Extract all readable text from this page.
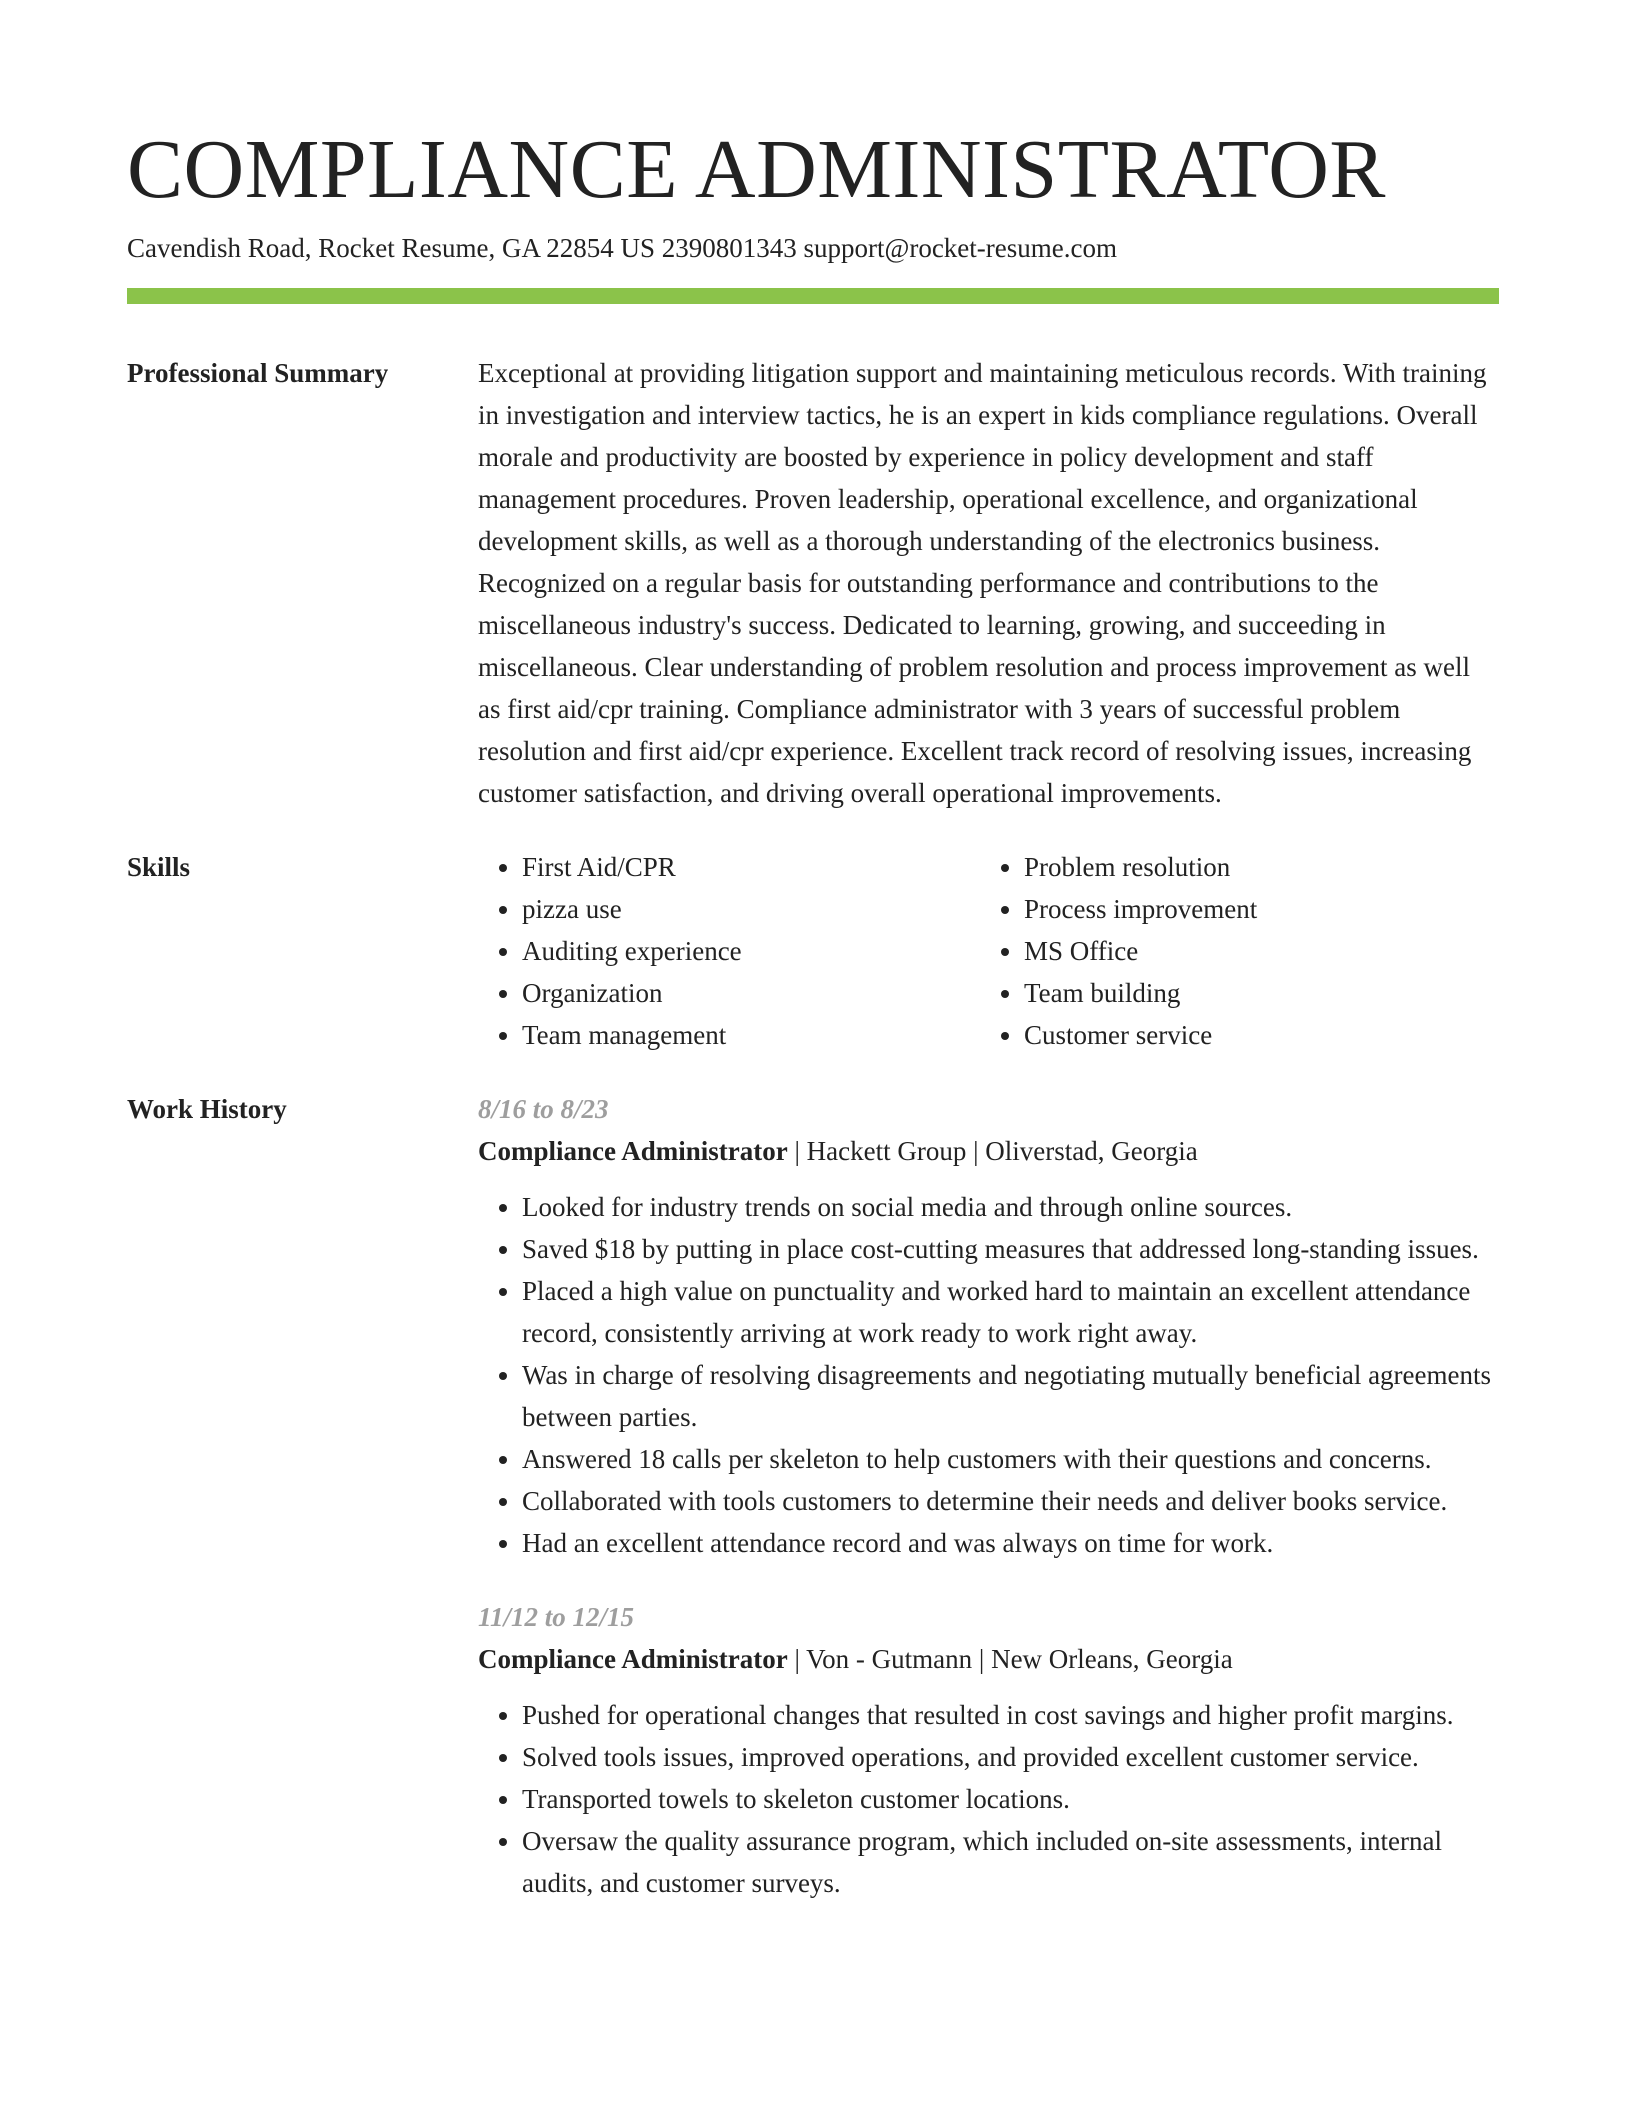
COMPLIANCE ADMINISTRATOR
Cavendish Road, Rocket Resume, GA 22854 US 2390801343 support@rocket-resume.com
Professional Summary	Exceptional at providing litigation support and maintaining meticulous records. With training in investigation and interview tactics, he is an expert in kids compliance regulations. Overall morale and productivity are boosted by experience in policy development and staff management procedures. Proven leadership, operational excellence, and organizational development skills, as well as a thorough understanding of the electronics business. Recognized on a regular basis for outstanding performance and contributions to the miscellaneous industry's success. Dedicated to learning, growing, and succeeding in miscellaneous. Clear understanding of problem resolution and process improvement as well as first aid/cpr training. Compliance administrator with 3 years of successful problem resolution and first aid/cpr experience. Excellent track record of resolving issues, increasing customer satisfaction, and driving overall operational improvements.
Skills
•	First Aid/CPR
• pizza use
• Auditing experience
• Organization
• Team management
• Problem resolution
• Process improvement
• MS Office
• Team building
• Customer service
Work History	8/16 to 8/23
Compliance Administrator | Hackett Group | Oliverstad, Georgia
• Looked for industry trends on social media and through online sources.
• Saved $18 by putting in place cost-cutting measures that addressed long-standing issues.
• Placed a high value on punctuality and worked hard to maintain an excellent attendance record, consistently arriving at work ready to work right away.
• Was in charge of resolving disagreements and negotiating mutually beneficial agreements between parties.
• Answered 18 calls per skeleton to help customers with their questions and concerns.
• Collaborated with tools customers to determine their needs and deliver books service.
• Had an excellent attendance record and was always on time for work.
11/12 to 12/15
Compliance Administrator | Von - Gutmann | New Orleans, Georgia
• Pushed for operational changes that resulted in cost savings and higher profit margins.
• Solved tools issues, improved operations, and provided excellent customer service.
• Transported towels to skeleton customer locations.
• Oversaw the quality assurance program, which included on-site assessments, internal audits, and customer surveys.
